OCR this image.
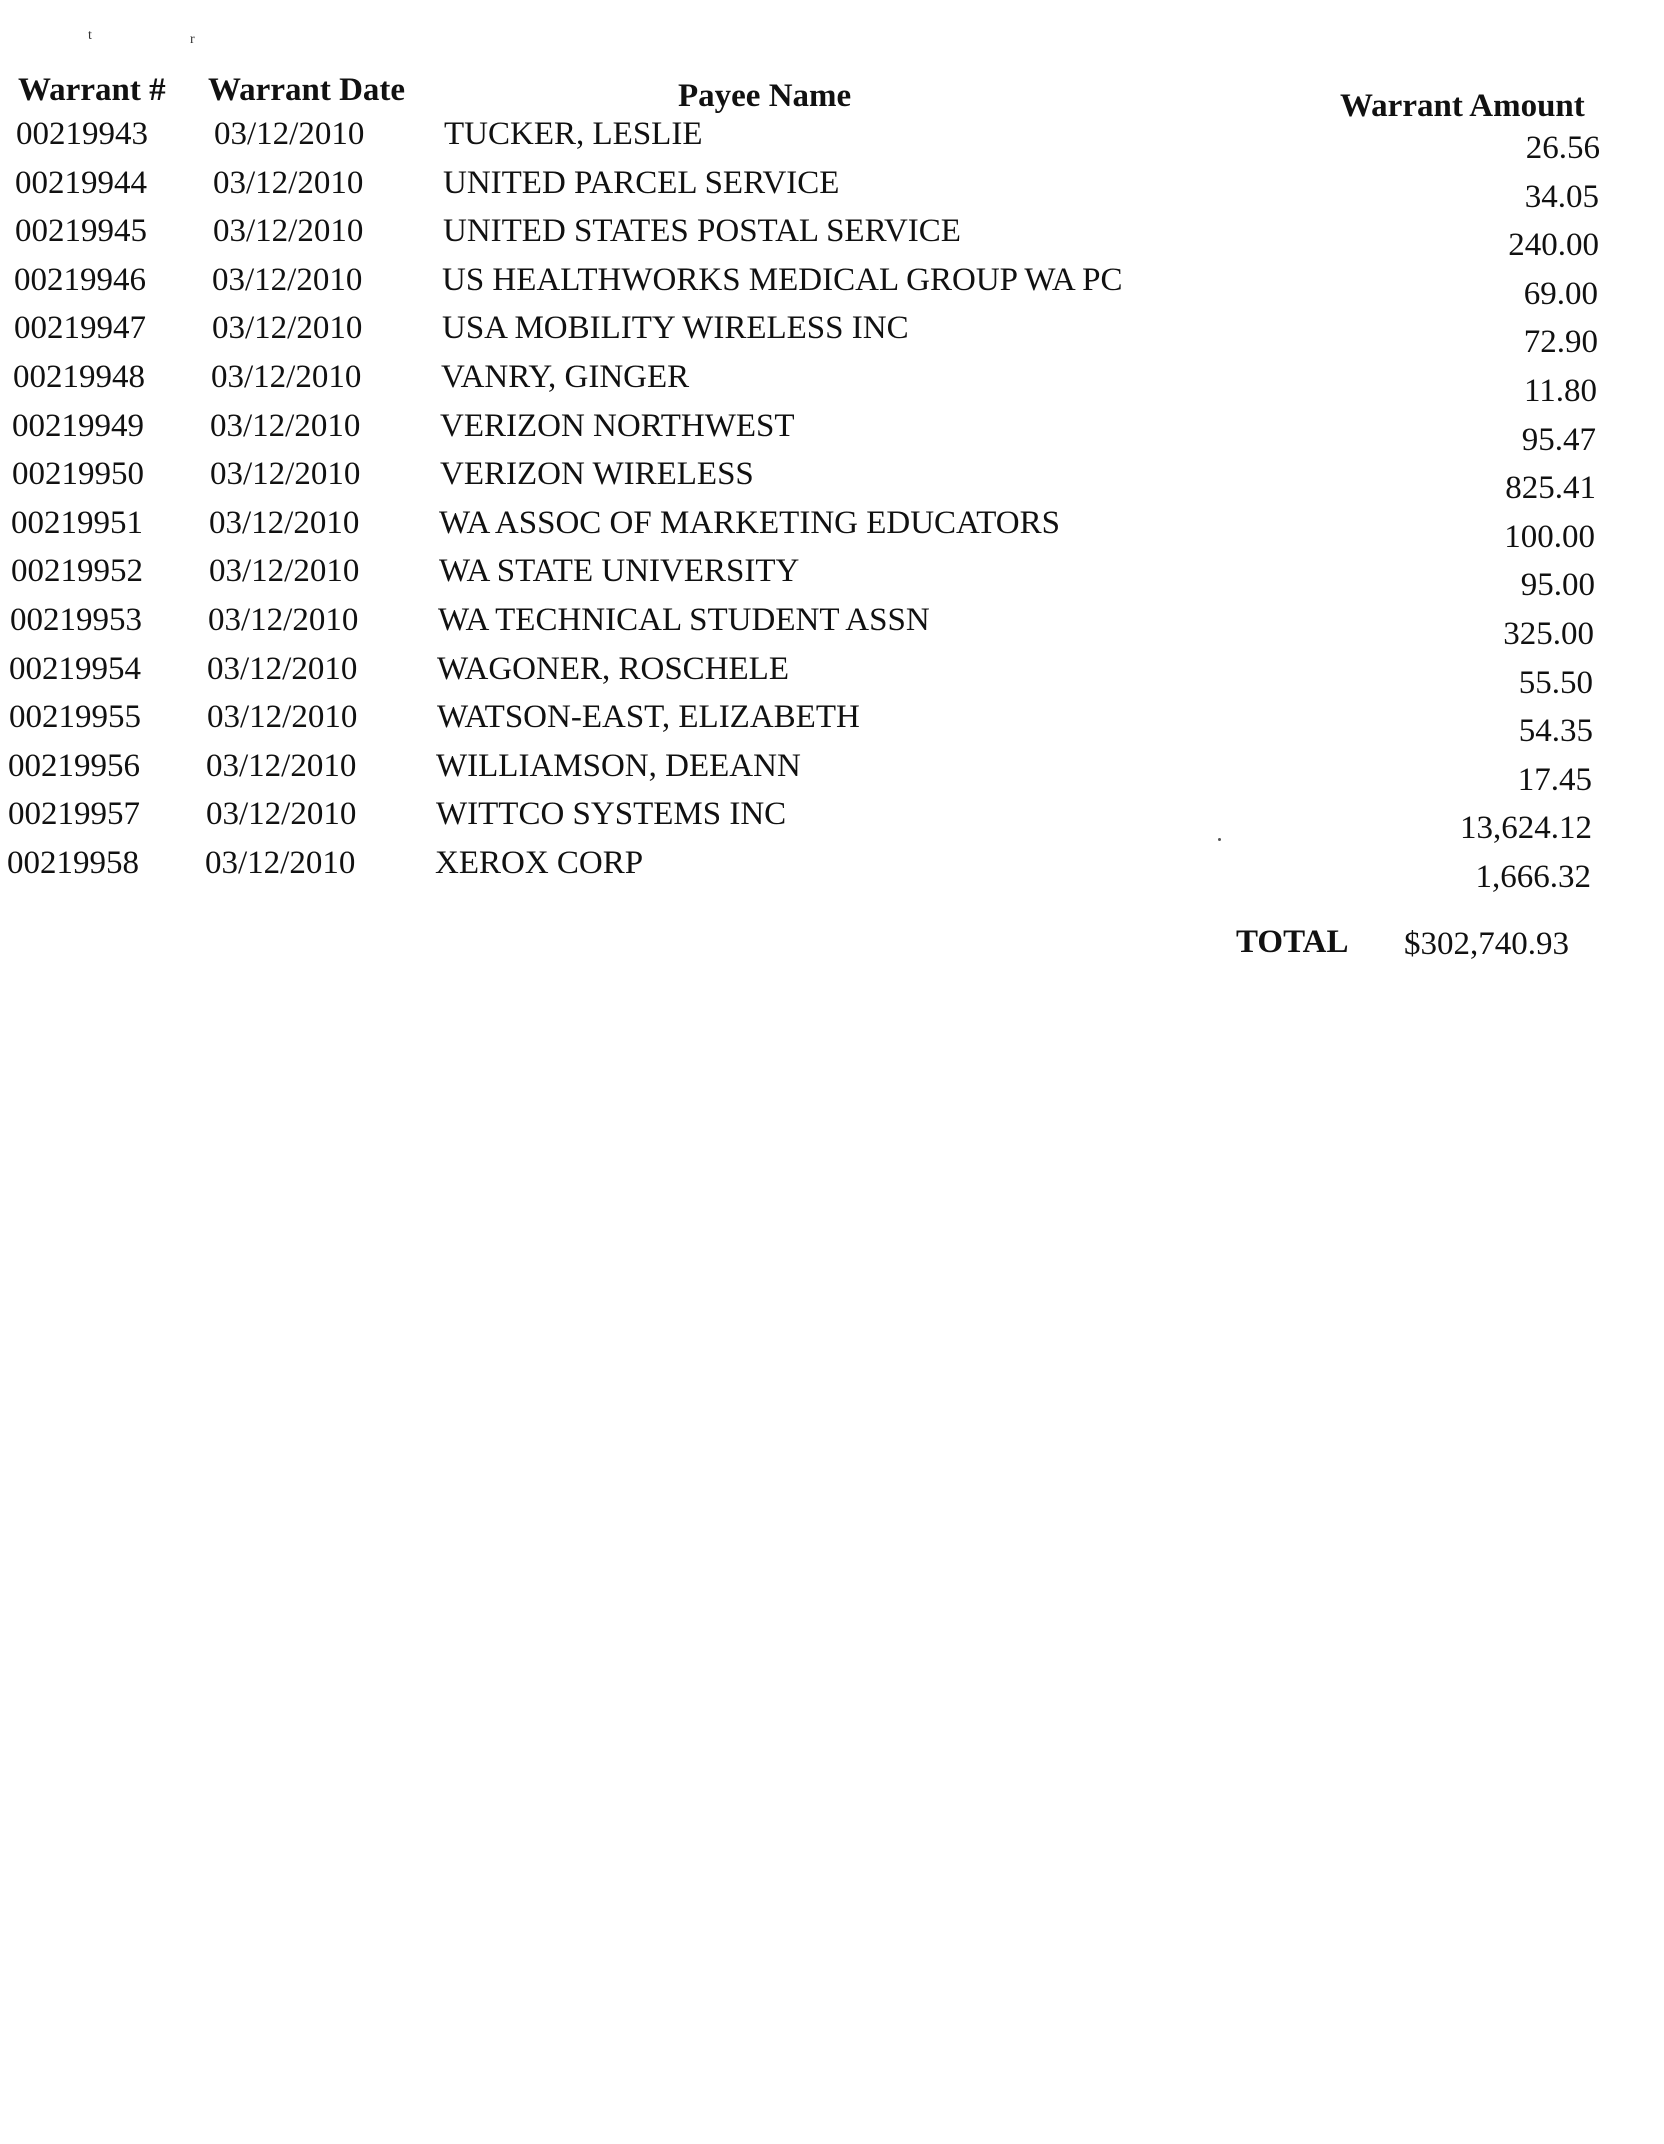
t	r
Warrant # Warrant Date	Payee Name	Warrant Amount
00219943 03/12/2010 TUCKER, LESLIE	26.56
00219944 03/12/2010 UNITED PARCEL SERVICE	34.05
00219945 03/12/2010 UNITED STATES POSTAL SERVICE	240.00
00219946 03/12/2010 US HEALTHWORKS MEDICAL GROUP WA PC	69.00
00219947 03/12/2010 USA MOBILITY WIRELESS INC	72.90
00219948 03/12/2010 VANRY, GINGER	11.80
00219949 03/12/2010 VERIZON NORTHWEST	95.47
00219950 03/12/2010 VERIZON WIRELESS	825.41
00219951 03/12/2010 WA ASSOC OF MARKETING EDUCATORS	100.00
00219952 03/12/2010 WA STATE UNIVERSITY	95.00
00219953 03/12/2010 WA TECHNICAL STUDENT ASSN	325.00
00219954 03/12/2010 WAGONER, ROSCHELE	55.50
00219955 03/12/2010 WATSON-EAST, ELIZABETH	54.35
00219956 03/12/2010 WILLIAMSON, DEEANN	17.45
00219957 03/12/2010 WITTCO SYSTEMS INC	13,624.12
00219958 03/12/2010 XEROX CORP	1,666.32
TOTAL $302,740.93
